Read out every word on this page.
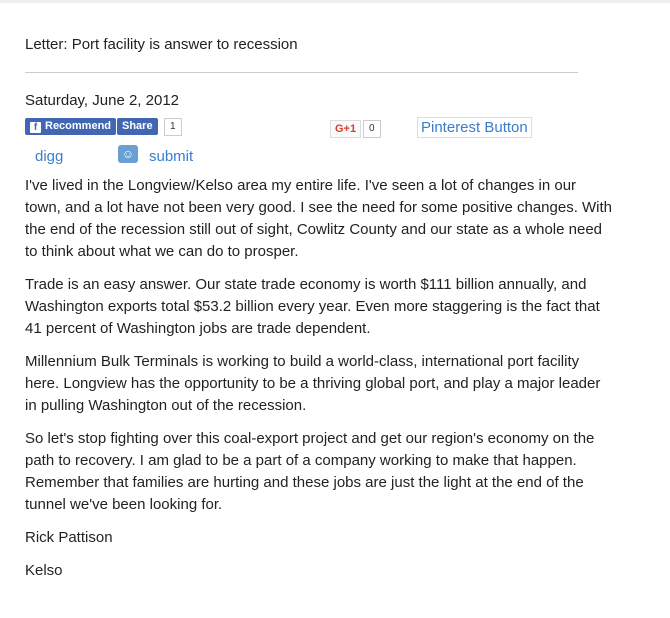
Letter: Port facility is answer to recession
Saturday, June 2, 2012
f Recommend Share	1	G+1	0	Pinterest Button
digg	☺ submit

I've lived in the Longview/Kelso area my entire life. I've seen a lot of changes in our town, and a lot have not been very good. I see the need for some positive changes. With the end of the recession still out of sight, Cowlitz County and our state as a whole need to think about what we can do to prosper.

Trade is an easy answer. Our state trade economy is worth $111 billion annually, and Washington exports total $53.2 billion every year. Even more staggering is the fact that 41 percent of Washington jobs are trade dependent.

Millennium Bulk Terminals is working to build a world-class, international port facility here. Longview has the opportunity to be a thriving global port, and play a major leader in pulling Washington out of the recession.

So let's stop fighting over this coal-export project and get our region's economy on the path to recovery. I am glad to be a part of a company working to make that happen. Remember that families are hurting and these jobs are just the light at the end of the tunnel we've been looking for.

Rick Pattison

Kelso
